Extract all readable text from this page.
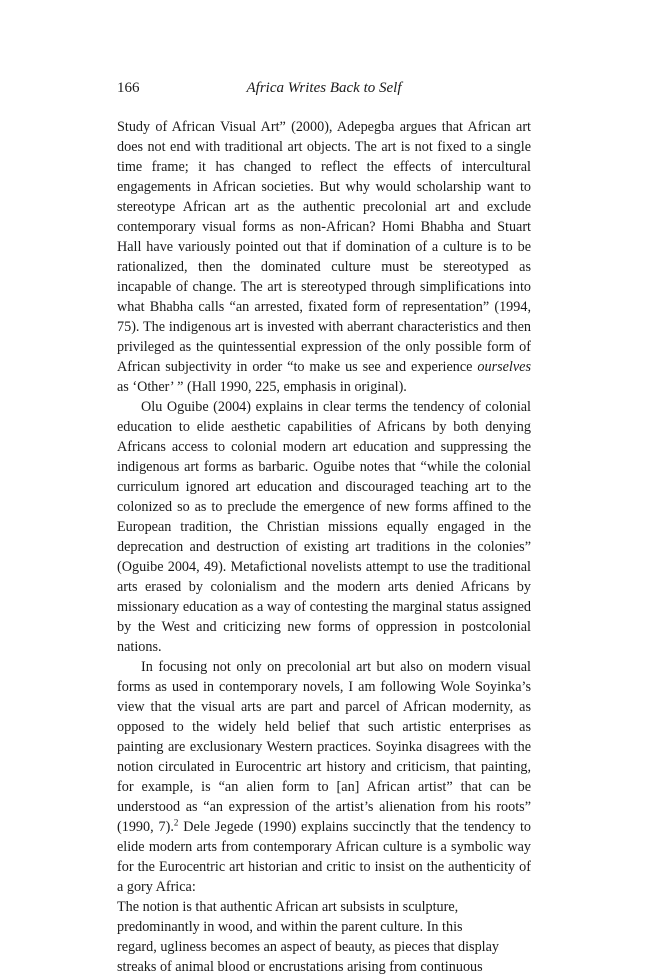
166	Africa Writes Back to Self

Study of African Visual Art” (2000), Adepegba argues that African art does not end with traditional art objects. The art is not fixed to a single time frame; it has changed to reflect the effects of intercultural engagements in African societies. But why would scholarship want to stereotype African art as the authentic precolonial art and exclude contemporary visual forms as non-African? Homi Bhabha and Stuart Hall have variously pointed out that if domination of a culture is to be rationalized, then the dominated culture must be stereotyped as incapable of change. The art is stereotyped through simplifications into what Bhabha calls “an arrested, fixated form of representation” (1994, 75). The indigenous art is invested with aberrant characteristics and then privileged as the quintessential expression of the only possible form of African subjectivity in order “to make us see and experience ourselves as ‘Other’ ” (Hall 1990, 225, emphasis in original).

Olu Oguibe (2004) explains in clear terms the tendency of colonial education to elide aesthetic capabilities of Africans by both denying Africans access to colonial modern art education and suppressing the indigenous art forms as barbaric. Oguibe notes that “while the colonial curriculum ignored art education and discouraged teaching art to the colonized so as to preclude the emergence of new forms affined to the European tradition, the Christian missions equally engaged in the deprecation and destruction of existing art traditions in the colonies” (Oguibe 2004, 49). Metafictional novelists attempt to use the traditional arts erased by colonialism and the modern arts denied Africans by missionary education as a way of contesting the marginal status assigned by the West and criticizing new forms of oppression in postcolonial nations.

In focusing not only on precolonial art but also on modern visual forms as used in contemporary novels, I am following Wole Soyinka’s view that the visual arts are part and parcel of African modernity, as opposed to the widely held belief that such artistic enterprises as painting are exclusionary Western practices. Soyinka disagrees with the notion circulated in Eurocentric art history and criticism, that painting, for example, is “an alien form to [an] African artist” that can be understood as “an expression of the artist’s alienation from his roots” (1990, 7).$^2$ Dele Jegede (1990) explains succinctly that the tendency to elide modern arts from contemporary African culture is a symbolic way for the Eurocentric art historian and critic to insist on the authenticity of a gory Africa:

The notion is that authentic African art subsists in sculpture, predominantly in wood, and within the parent culture. In this regard, ugliness becomes an aspect of beauty, as pieces that display streaks of animal blood or encrustations arising from continuous
